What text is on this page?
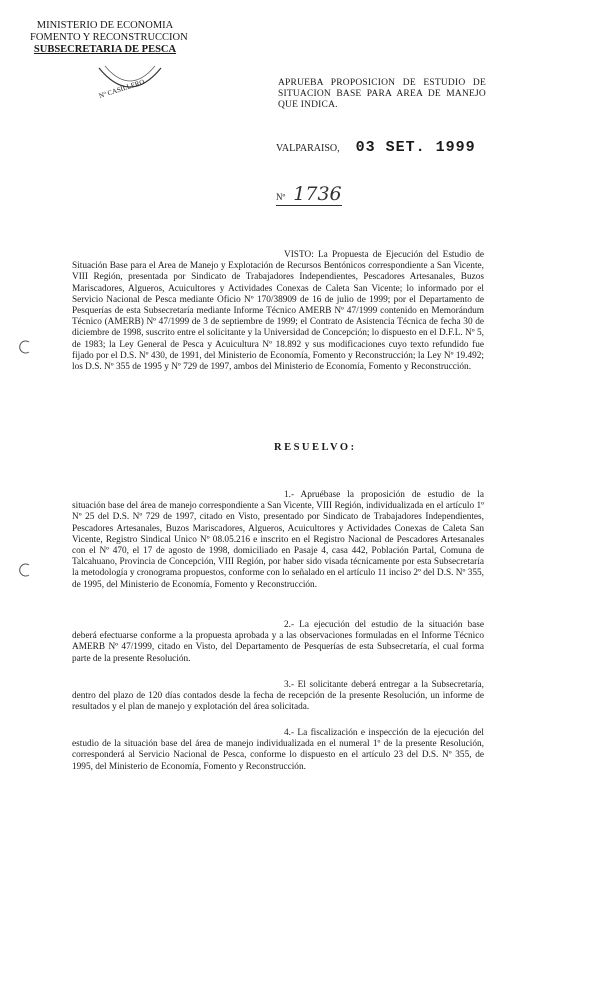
MINISTERIO DE ECONOMIA
FOMENTO Y RECONSTRUCCION
SUBSECRETARIA DE PESCA
Nº CASILLERO	APRUEBA PROPOSICION DE ESTUDIO DE SITUACION BASE PARA AREA DE MANEJO QUE INDICA.
VALPARAISO, 03 SET. 1999
Nº 1736
VISTO: La Propuesta de Ejecución del Estudio de Situación Base para el Area de Manejo y Explotación de Recursos Bentónicos correspondiente a San Vicente, VIII Región, presentada por Sindicato de Trabajadores Independientes, Pescadores Artesanales, Buzos Mariscadores, Algueros, Acuicultores y Actividades Conexas de Caleta San Vicente; lo informado por el Servicio Nacional de Pesca mediante Oficio Nº 170/38909 de 16 de julio de 1999; por el Departamento de Pesquerías de esta Subsecretaría mediante Informe Técnico AMERB Nº 47/1999 contenido en Memorándum Técnico (AMERB) Nº 47/1999 de 3 de septiembre de 1999; el Contrato de Asistencia Técnica de fecha 30 de diciembre de 1998, suscrito entre el solicitante y la Universidad de Concepción; lo dispuesto en el D.F.L. Nº 5, de 1983; la Ley General de Pesca y Acuicultura Nº 18.892 y sus modificaciones cuyo texto refundido fue fijado por el D.S. Nº 430, de 1991, del Ministerio de Economía, Fomento y Reconstrucción; la Ley Nº 19.492; los D.S. Nº 355 de 1995 y Nº 729 de 1997, ambos del Ministerio de Economía, Fomento y Reconstrucción.
RESUELVO:
1.- Apruébase la proposición de estudio de la situación base del área de manejo correspondiente a San Vicente, VIII Región, individualizada en el artículo 1º Nº 25 del D.S. Nº 729 de 1997, citado en Visto, presentado por Sindicato de Trabajadores Independientes, Pescadores Artesanales, Buzos Mariscadores, Algueros, Acuicultores y Actividades Conexas de Caleta San Vicente, Registro Sindical Unico Nº 08.05.216 e inscrito en el Registro Nacional de Pescadores Artesanales con el Nº 470, el 17 de agosto de 1998, domiciliado en Pasaje 4, casa 442, Población Partal, Comuna de Talcahuano, Provincia de Concepción, VIII Región, por haber sido visada técnicamente por esta Subsecretaría la metodología y cronograma propuestos, conforme con lo señalado en el artículo 11 inciso 2º del D.S. Nº 355, de 1995, del Ministerio de Economía, Fomento y Reconstrucción.
2.- La ejecución del estudio de la situación base deberá efectuarse conforme a la propuesta aprobada y a las observaciones formuladas en el Informe Técnico AMERB Nº 47/1999, citado en Visto, del Departamento de Pesquerías de esta Subsecretaría, el cual forma parte de la presente Resolución.
3.- El solicitante deberá entregar a la Subsecretaría, dentro del plazo de 120 días contados desde la fecha de recepción de la presente Resolución, un informe de resultados y el plan de manejo y explotación del área solicitada.
4.- La fiscalización e inspección de la ejecución del estudio de la situación base del área de manejo individualizada en el numeral 1º de la presente Resolución, corresponderá al Servicio Nacional de Pesca, conforme lo dispuesto en el artículo 23 del D.S. Nº 355, de 1995, del Ministerio de Economía, Fomento y Reconstrucción.
